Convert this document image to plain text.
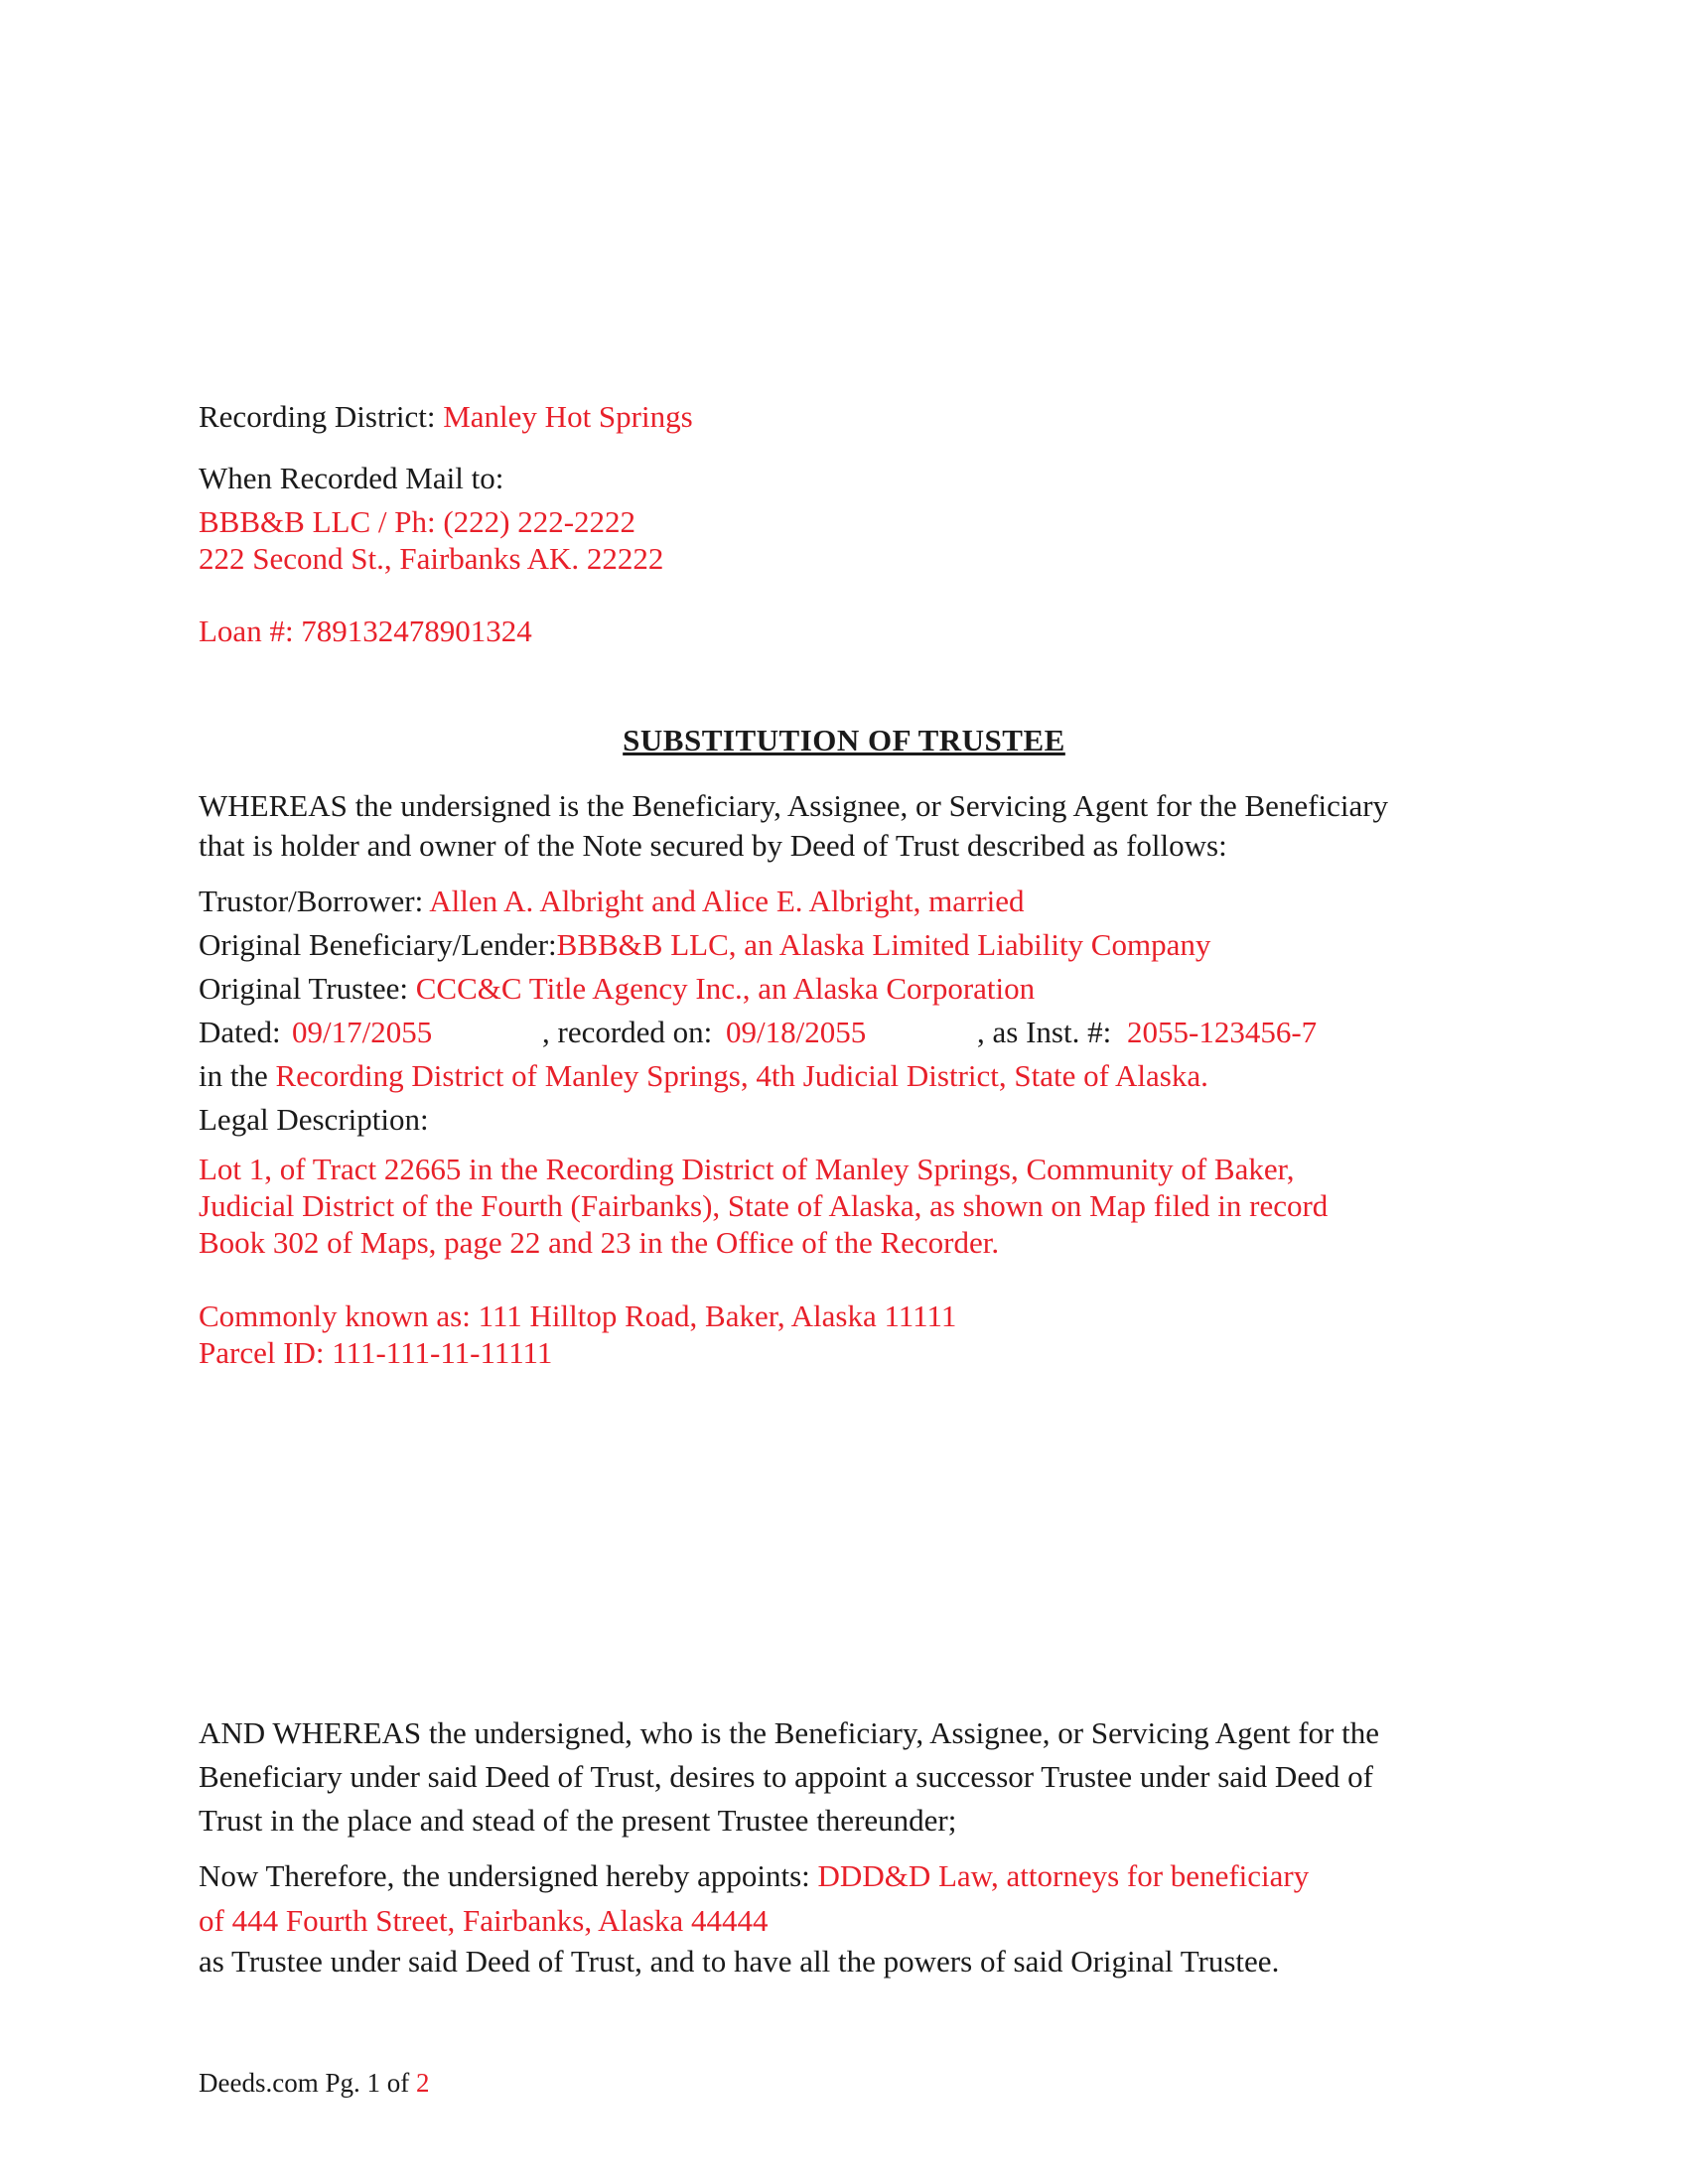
Recording District: Manley Hot Springs
When Recorded Mail to:
BBB&B LLC / Ph: (222) 222-2222
222 Second St., Fairbanks AK. 22222
Loan #: 789132478901324
SUBSTITUTION OF TRUSTEE
WHEREAS the undersigned is the Beneficiary, Assignee, or Servicing Agent for the Beneficiary
that is holder and owner of the Note secured by Deed of Trust described as follows:
Trustor/Borrower: Allen A. Albright and Alice E. Albright, married
Original Beneficiary/Lender:BBB&B LLC, an Alaska Limited Liability Company
Original Trustee: CCC&C Title Agency Inc., an Alaska Corporation
Dated: 09/17/2055	, recorded on: 09/18/2055	, as Inst. #: 2055-123456-7
in the Recording District of Manley Springs, 4th Judicial District, State of Alaska.
Legal Description:
Lot 1, of Tract 22665 in the Recording District of Manley Springs, Community of Baker,
Judicial District of the Fourth (Fairbanks), State of Alaska, as shown on Map filed in record
Book 302 of Maps, page 22 and 23 in the Office of the Recorder.
Commonly known as: 111 Hilltop Road, Baker, Alaska 11111
Parcel ID: 111-111-11-11111
AND WHEREAS the undersigned, who is the Beneficiary, Assignee, or Servicing Agent for the
Beneficiary under said Deed of Trust, desires to appoint a successor Trustee under said Deed of
Trust in the place and stead of the present Trustee thereunder;
Now Therefore, the undersigned hereby appoints: DDD&D Law, attorneys for beneficiary
of 444 Fourth Street, Fairbanks, Alaska 44444
as Trustee under said Deed of Trust, and to have all the powers of said Original Trustee.
Deeds.com Pg. 1 of 2
